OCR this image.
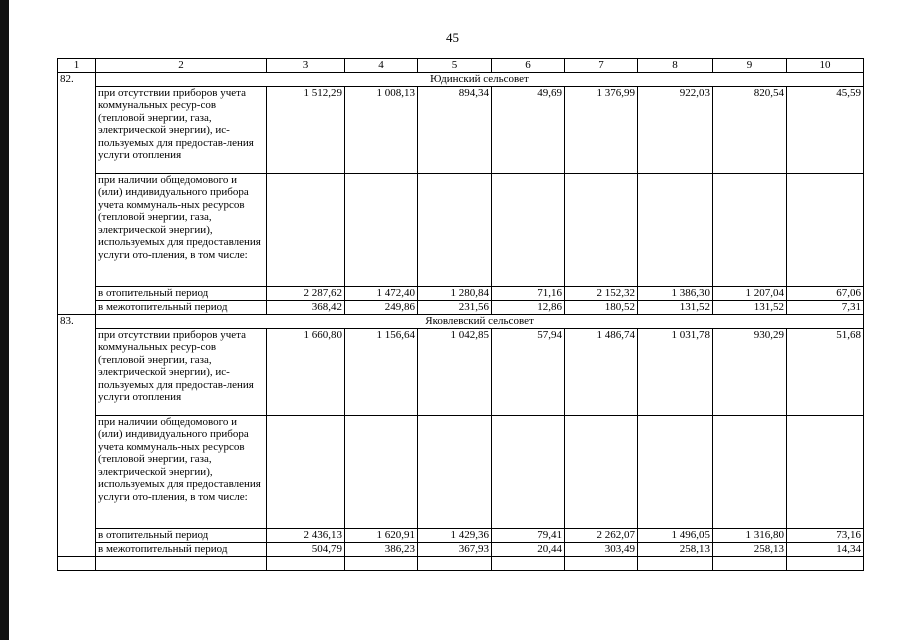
45
1	2	3	4	5	6	7	8	9	10
82.	Юдинский сельсовет								
	при отсутствии приборов учета коммунальных ресур-сов (тепловой энергии, газа, электрической энергии), ис-пользуемых для предостав-ления услуги отопления	1 512,29	1 008,13	894,34	49,69	1 376,99	922,03	820,54	45,59
	при наличии общедомового и (или) индивидуального прибора учета коммуналь-ных ресурсов (тепловой энергии, газа, электрической энергии), используемых для предоставления услуги ото-пления, в том числе:								
	в отопительный период	2 287,62	1 472,40	1 280,84	71,16	2 152,32	1 386,30	1 207,04	67,06
	в межотопительный период	368,42	249,86	231,56	12,86	180,52	131,52	131,52	7,31
83.	Яковлевский сельсовет								
	при отсутствии приборов учета коммунальных ресур-сов (тепловой энергии, газа, электрической энергии), ис-пользуемых для предостав-ления услуги отопления	1 660,80	1 156,64	1 042,85	57,94	1 486,74	1 031,78	930,29	51,68
	при наличии общедомового и (или) индивидуального прибора учета коммуналь-ных ресурсов (тепловой энергии, газа, электрической энергии), используемых для предоставления услуги ото-пления, в том числе:								
	в отопительный период	2 436,13	1 620,91	1 429,36	79,41	2 262,07	1 496,05	1 316,80	73,16
	в межотопительный период	504,79	386,23	367,93	20,44	303,49	258,13	258,13	14,34
